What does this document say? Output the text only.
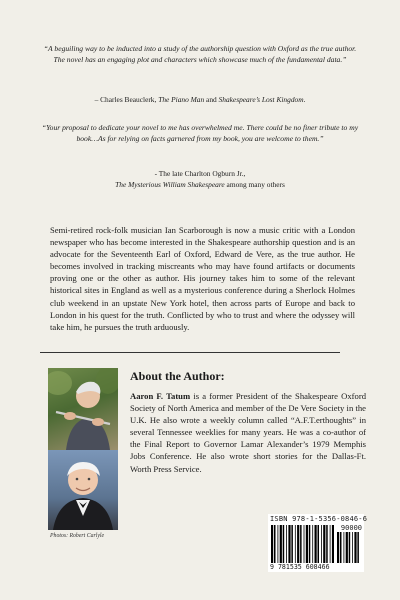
“A beguiling way to be inducted into a study of the authorship question with Oxford as the true author. The novel has an engaging plot and characters which showcase much of the fundamental data.”
– Charles Beauclerk, The Piano Man and Shakespeare’s Lost Kingdom.
“Your proposal to dedicate your novel to me has overwhelmed me. There could be no finer tribute to my book…As for relying on facts garnered from my book, you are welcome to them.”
- The late Charlton Ogburn Jr.,
The Mysterious William Shakespeare among many others
Semi-retired rock-folk musician Ian Scarborough is now a music critic with a London newspaper who has become interested in the Shakespeare authorship question and is an advocate for the Seventeenth Earl of Oxford, Edward de Vere, as the true author. He becomes involved in tracking miscreants who may have found artifacts or documents proving one or the other as author. His journey takes him to some of the relevant historical sites in England as well as a mysterious conference during a Sherlock Holmes club weekend in an upstate New York hotel, then across parts of Europe and back to London in his quest for the truth. Conflicted by who to trust and where the odyssey will take him, he pursues the truth arduously.
Photos: Robert Carlyle
About the Author:
Aaron F. Tatum is a former President of the Shakespeare Oxford Society of North America and member of the De Vere Society in the U.K. He also wrote a weekly column called “A.F.T.erthoughts” in several Tennessee weeklies for many years. He was a co-author of the Final Report to Governor Lamar Alexander’s 1979 Memphis Jobs Conference. He also wrote short stories for the Dallas-Ft. Worth Press Service.
ISBN 978-1-5356-0846-6
90000
9 781535 608466
